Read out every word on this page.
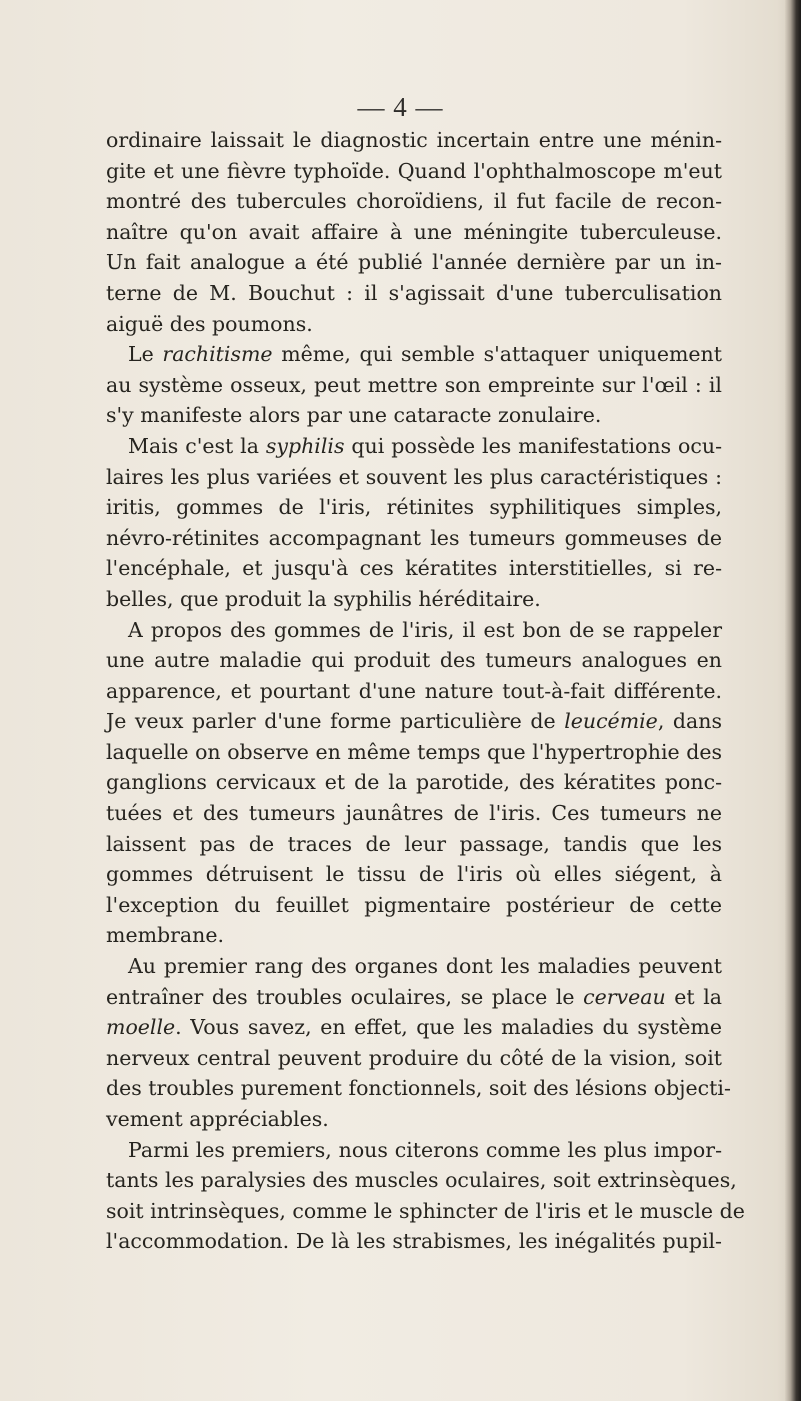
— 4 —
ordinaire laissait le diagnostic incertain entre une ménin-
gite et une fièvre typhoïde. Quand l'ophthalmoscope m'eut
montré des tubercules choroïdiens, il fut facile de recon-
naître qu'on avait affaire à une méningite tuberculeuse.
Un fait analogue a été publié l'année dernière par un in-
terne de M. Bouchut : il s'agissait d'une tuberculisation
aiguë des poumons.
Le rachitisme même, qui semble s'attaquer uniquement
au système osseux, peut mettre son empreinte sur l'œil : il
s'y manifeste alors par une cataracte zonulaire.
Mais c'est la syphilis qui possède les manifestations ocu-
laires les plus variées et souvent les plus caractéristiques :
iritis, gommes de l'iris, rétinites syphilitiques simples,
névro-rétinites accompagnant les tumeurs gommeuses de
l'encéphale, et jusqu'à ces kératites interstitielles, si re-
belles, que produit la syphilis héréditaire.
A propos des gommes de l'iris, il est bon de se rappeler
une autre maladie qui produit des tumeurs analogues en
apparence, et pourtant d'une nature tout-à-fait différente.
Je veux parler d'une forme particulière de leucémie, dans
laquelle on observe en même temps que l'hypertrophie des
ganglions cervicaux et de la parotide, des kératites ponc-
tuées et des tumeurs jaunâtres de l'iris. Ces tumeurs ne
laissent pas de traces de leur passage, tandis que les
gommes détruisent le tissu de l'iris où elles siégent, à
l'exception du feuillet pigmentaire postérieur de cette
membrane.
Au premier rang des organes dont les maladies peuvent
entraîner des troubles oculaires, se place le cerveau et la
moelle. Vous savez, en effet, que les maladies du système
nerveux central peuvent produire du côté de la vision, soit
des troubles purement fonctionnels, soit des lésions objecti-
vement appréciables.
Parmi les premiers, nous citerons comme les plus impor-
tants les paralysies des muscles oculaires, soit extrinsèques,
soit intrinsèques, comme le sphincter de l'iris et le muscle de
l'accommodation. De là les strabismes, les inégalités pupil-
